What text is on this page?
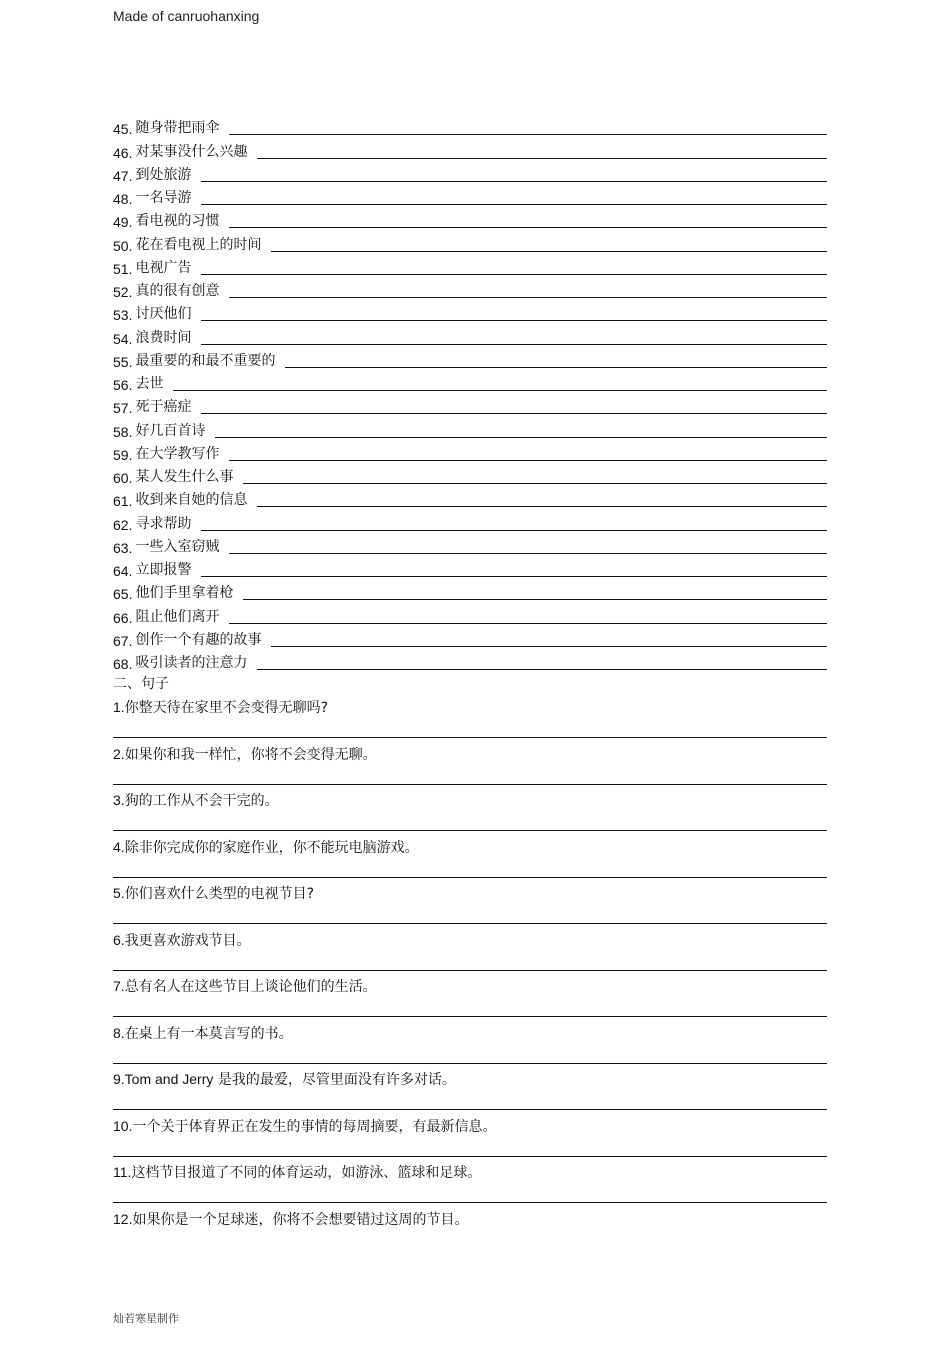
Made of canruohanxing
45. 随身带把雨伞
46. 对某事没什么兴趣
47. 到处旅游
48. 一名导游
49. 看电视的习惯
50. 花在看电视上的时间
51. 电视广告
52. 真的很有创意
53. 讨厌他们
54. 浪费时间
55. 最重要的和最不重要的
56. 去世
57. 死于癌症
58. 好几百首诗
59. 在大学教写作
60. 某人发生什么事
61. 收到来自她的信息
62. 寻求帮助
63. 一些入室窃贼
64. 立即报警
65. 他们手里拿着枪
66. 阻止他们离开
67. 创作一个有趣的故事
68. 吸引读者的注意力
二、句子
1.你整天待在家里不会变得无聊吗?
2.如果你和我一样忙，你将不会变得无聊。
3.狗的工作从不会干完的。
4.除非你完成你的家庭作业，你不能玩电脑游戏。
5.你们喜欢什么类型的电视节目?
6.我更喜欢游戏节目。
7.总有名人在这些节目上谈论他们的生活。
8.在桌上有一本莫言写的书。
9.Tom and Jerry 是我的最爱，尽管里面没有许多对话。
10.一个关于体育界正在发生的事情的每周摘要，有最新信息。
11.这档节目报道了不同的体育运动，如游泳、篮球和足球。
12.如果你是一个足球迷，你将不会想要错过这周的节目。
灿若寒星制作
